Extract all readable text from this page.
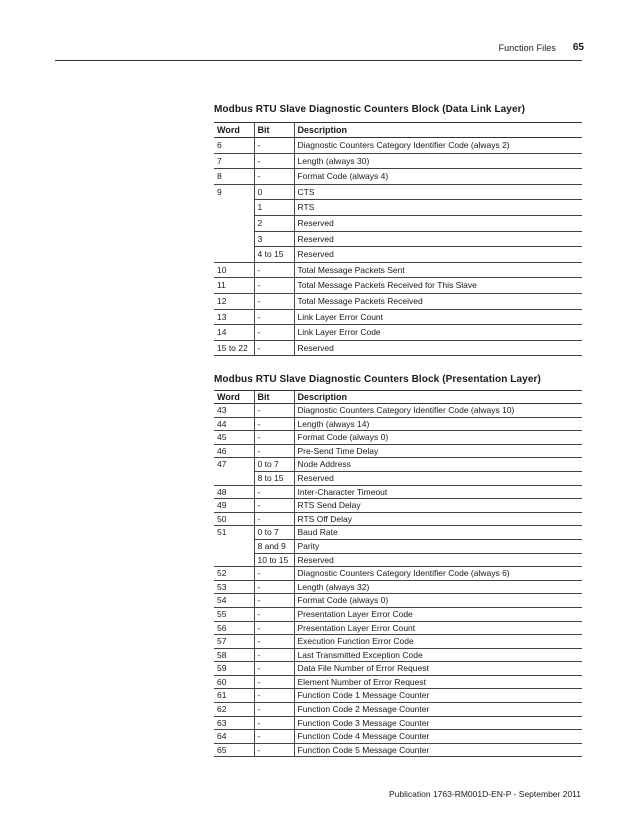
Function Files 65
Modbus RTU Slave Diagnostic Counters Block (Data Link Layer)
Word	Bit	Description
6	-	Diagnostic Counters Category Identifier Code (always 2)
7	-	Length (always 30)
8	-	Format Code (always 4)
9	0	CTS
	1	RTS
	2	Reserved
	3	Reserved
	4 to 15	Reserved
10	-	Total Message Packets Sent
11	-	Total Message Packets Received for This Slave
12	-	Total Message Packets Received
13	-	Link Layer Error Count
14	-	Link Layer Error Code
15 to 22	-	Reserved
Modbus RTU Slave Diagnostic Counters Block (Presentation Layer)
Word	Bit	Description
43	-	Diagnostic Counters Category Identifier Code (always 10)
44	-	Length (always 14)
45	-	Format Code (always 0)
46	-	Pre-Send Time Delay
47	0 to 7	Node Address
	8 to 15	Reserved
48	-	Inter-Character Timeout
49	-	RTS Send Delay
50	-	RTS Off Delay
51	0 to 7	Baud Rate
	8 and 9	Parity
	10 to 15	Reserved
52	-	Diagnostic Counters Category Identifier Code (always 6)
53	-	Length (always 32)
54	-	Format Code (always 0)
55	-	Presentation Layer Error Code
56	-	Presentation Layer Error Count
57	-	Execution Function Error Code
58	-	Last Transmitted Exception Code
59	-	Data File Number of Error Request
60	-	Element Number of Error Request
61	-	Function Code 1 Message Counter
62	-	Function Code 2 Message Counter
63	-	Function Code 3 Message Counter
64	-	Function Code 4 Message Counter
65	-	Function Code 5 Message Counter
Publication 1763-RM001D-EN-P - September 2011
